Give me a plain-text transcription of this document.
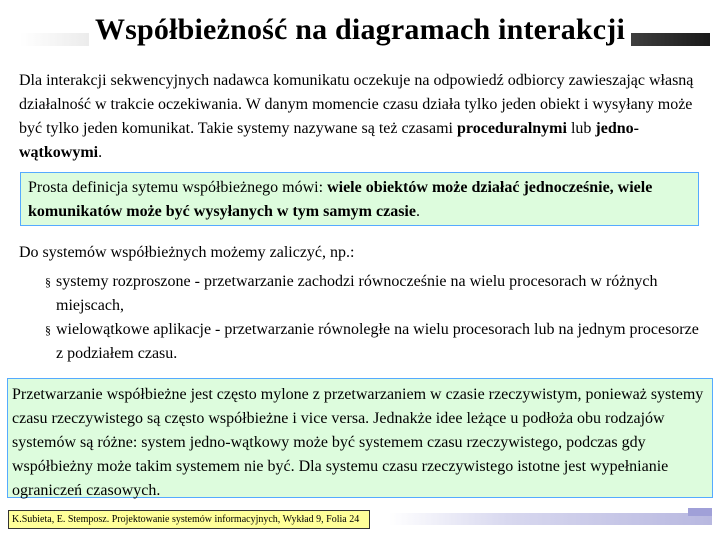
Współbieżność na diagramach interakcji
Dla interakcji sekwencyjnych nadawca komunikatu oczekuje na odpowiedź odbiorcy zawieszając własną działalność w trakcie oczekiwania. W danym momencie czasu działa tylko jeden obiekt i wysyłany może być tylko jeden komunikat. Takie systemy nazywane są też czasami proceduralnymi lub jedno-wątkowymi.
Prosta definicja sytemu współbieżnego mówi: wiele obiektów może działać jednocześnie, wiele komunikatów może być wysyłanych w tym samym czasie.
Do systemów współbieżnych możemy zaliczyć, np.:
§ systemy rozproszone - przetwarzanie zachodzi równocześnie na wielu procesorach w różnych miejscach,
§ wielowątkowe aplikacje - przetwarzanie równoległe na wielu procesorach lub na jednym procesorze z podziałem czasu.
Przetwarzanie współbieżne jest często mylone z przetwarzaniem w czasie rzeczywistym, ponieważ systemy czasu rzeczywistego są często współbieżne i vice versa. Jednakże idee leżące u podłoża obu rodzajów systemów są różne: system jedno-wątkowy może być systemem czasu rzeczywistego, podczas gdy współbieżny może takim systemem nie być. Dla systemu czasu rzeczywistego istotne jest wypełnianie ograniczeń czasowych.
K.Subieta, E. Stemposz. Projektowanie systemów informacyjnych, Wykład 9, Folia 24
